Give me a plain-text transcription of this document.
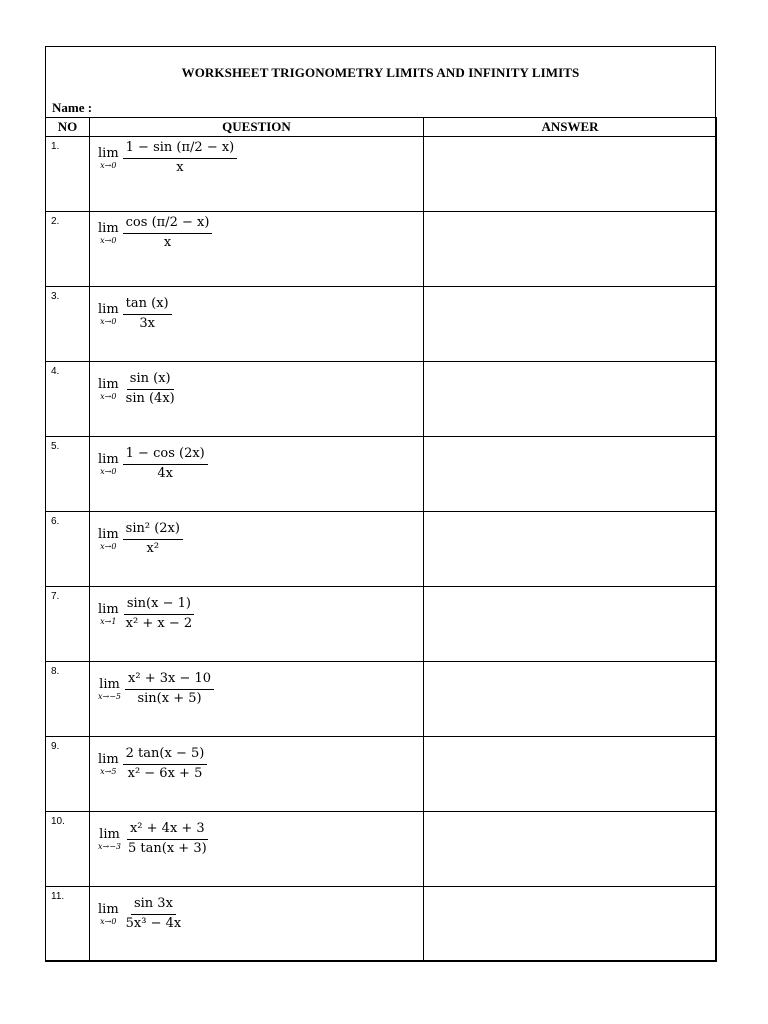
WORKSHEET TRIGONOMETRY LIMITS AND INFINITY LIMITS
Name :
NO	QUESTION	ANSWER

1.	lim
$x\to 0 \frac{1 - \sin (\pi/2 - x)}{x}$

2.	lim
$x\to 0 \frac{\cos (\pi/2 - x)}{x}$

3.	lim
$x\to 0 \frac{\tan (x)}{3x}$

4.	lim
$x\to 0 \frac{\sin (x)}{\sin (4x)}$

5.	lim
$x\to 0 \frac{1 - \cos (2x)}{4x}$

6.	lim
$x\to 0 \frac{\text{sin² (2x)}}{\text{x²}}$

7.	lim
$x\to 1 \frac{\sin(x - 1)}{\text{x² + x − 2}}$

8.	lim
$x\to-5 \frac{\text{x² + 3x − 10}}{\sin(x + 5)}$

9.	lim
$x\to 5 \frac{2 \tan(x - 5)}{\text{x² − 6x + 5}}$

10.	lim
$x\to-3 \frac{\text{x² + 4x + 3}}{5 \tan(x + 3)}$

11.	lim
$x\to 0 \frac{\sin 3x}{\text{5x³ − 4x}}$
